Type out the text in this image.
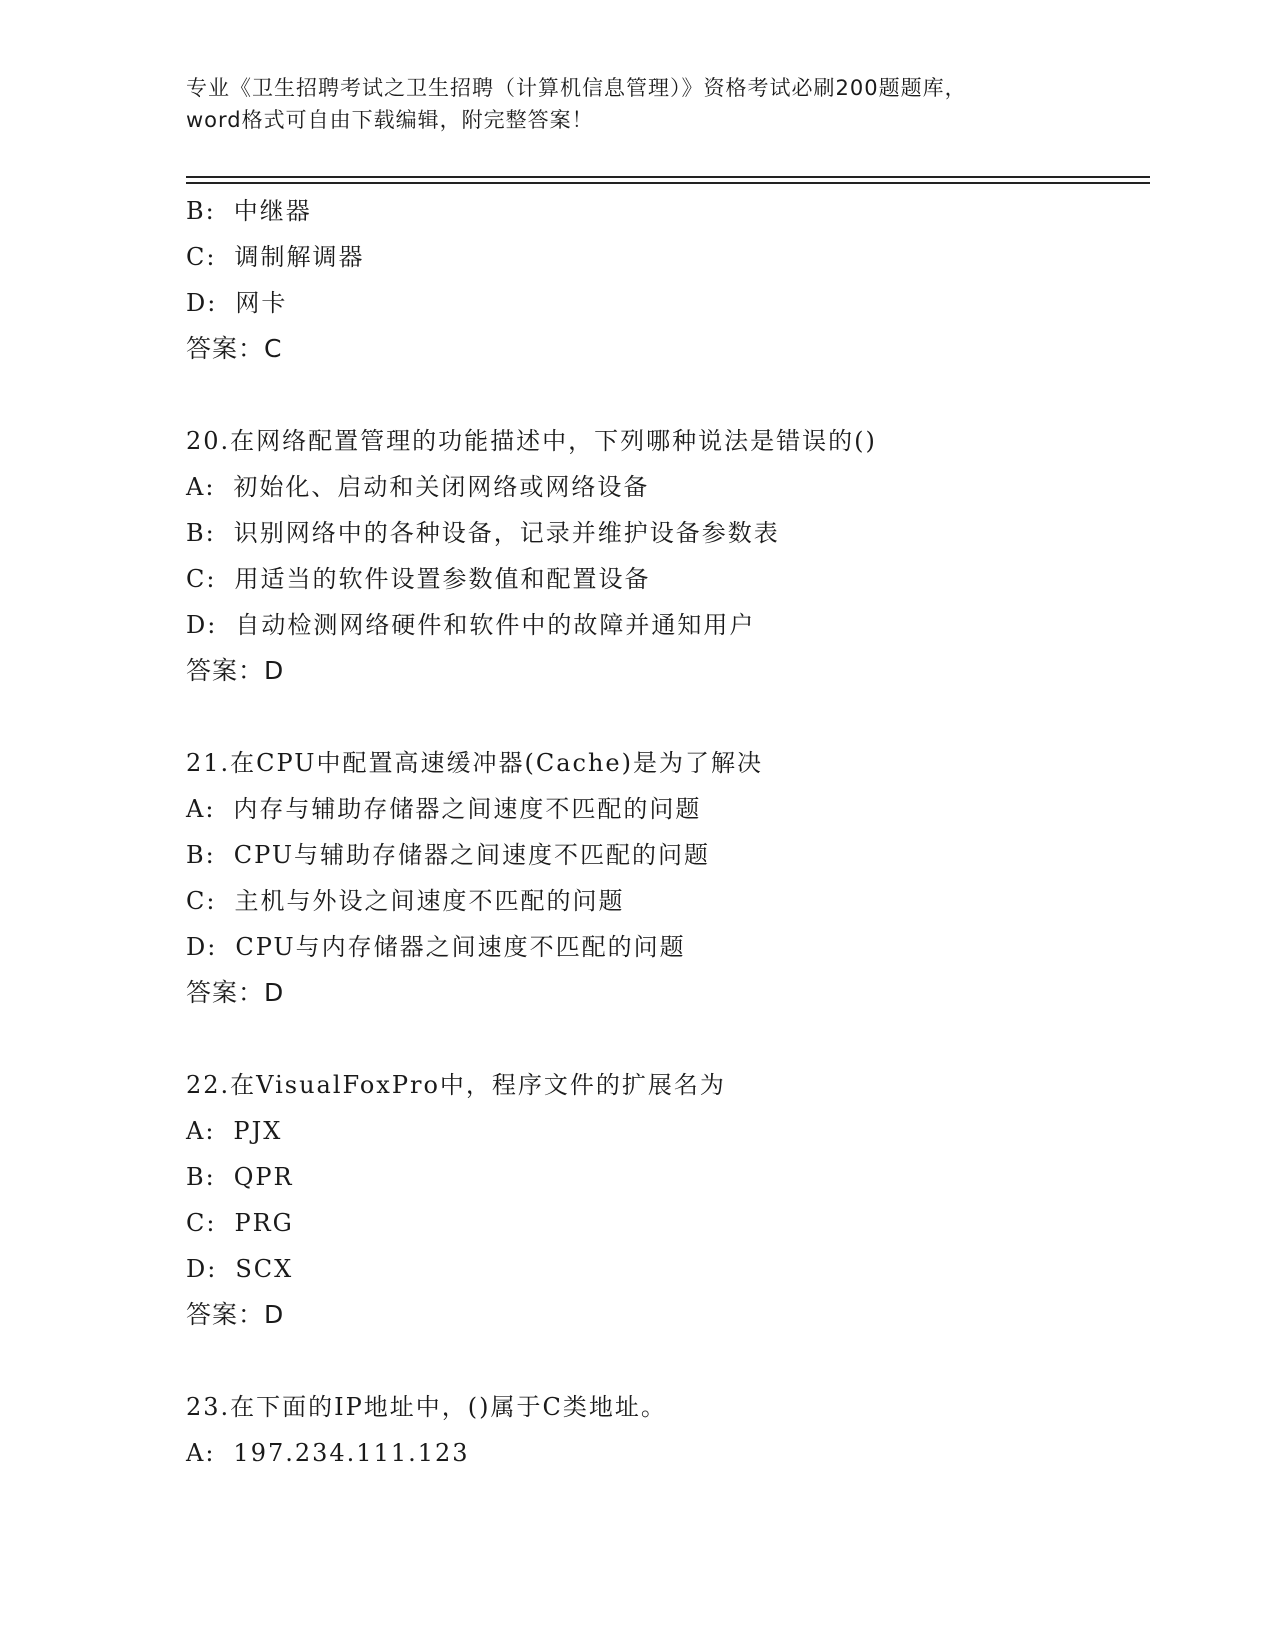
专业《卫生招聘考试之卫生招聘（计算机信息管理）》资格考试必刷200题题库，
word格式可自由下载编辑，附完整答案！
B: 中继器
C: 调制解调器
D: 网卡
答案：C
20.在网络配置管理的功能描述中，下列哪种说法是错误的()
A: 初始化、启动和关闭网络或网络设备
B: 识别网络中的各种设备，记录并维护设备参数表
C: 用适当的软件设置参数值和配置设备
D: 自动检测网络硬件和软件中的故障并通知用户
答案：D
21.在CPU中配置高速缓冲器(Cache)是为了解决
A: 内存与辅助存储器之间速度不匹配的问题
B: CPU与辅助存储器之间速度不匹配的问题
C: 主机与外设之间速度不匹配的问题
D: CPU与内存储器之间速度不匹配的问题
答案：D
22.在VisualFoxPro中，程序文件的扩展名为
A: PJX
B: QPR
C: PRG
D: SCX
答案：D
23.在下面的IP地址中，()属于C类地址。
A: 197.234.111.123
